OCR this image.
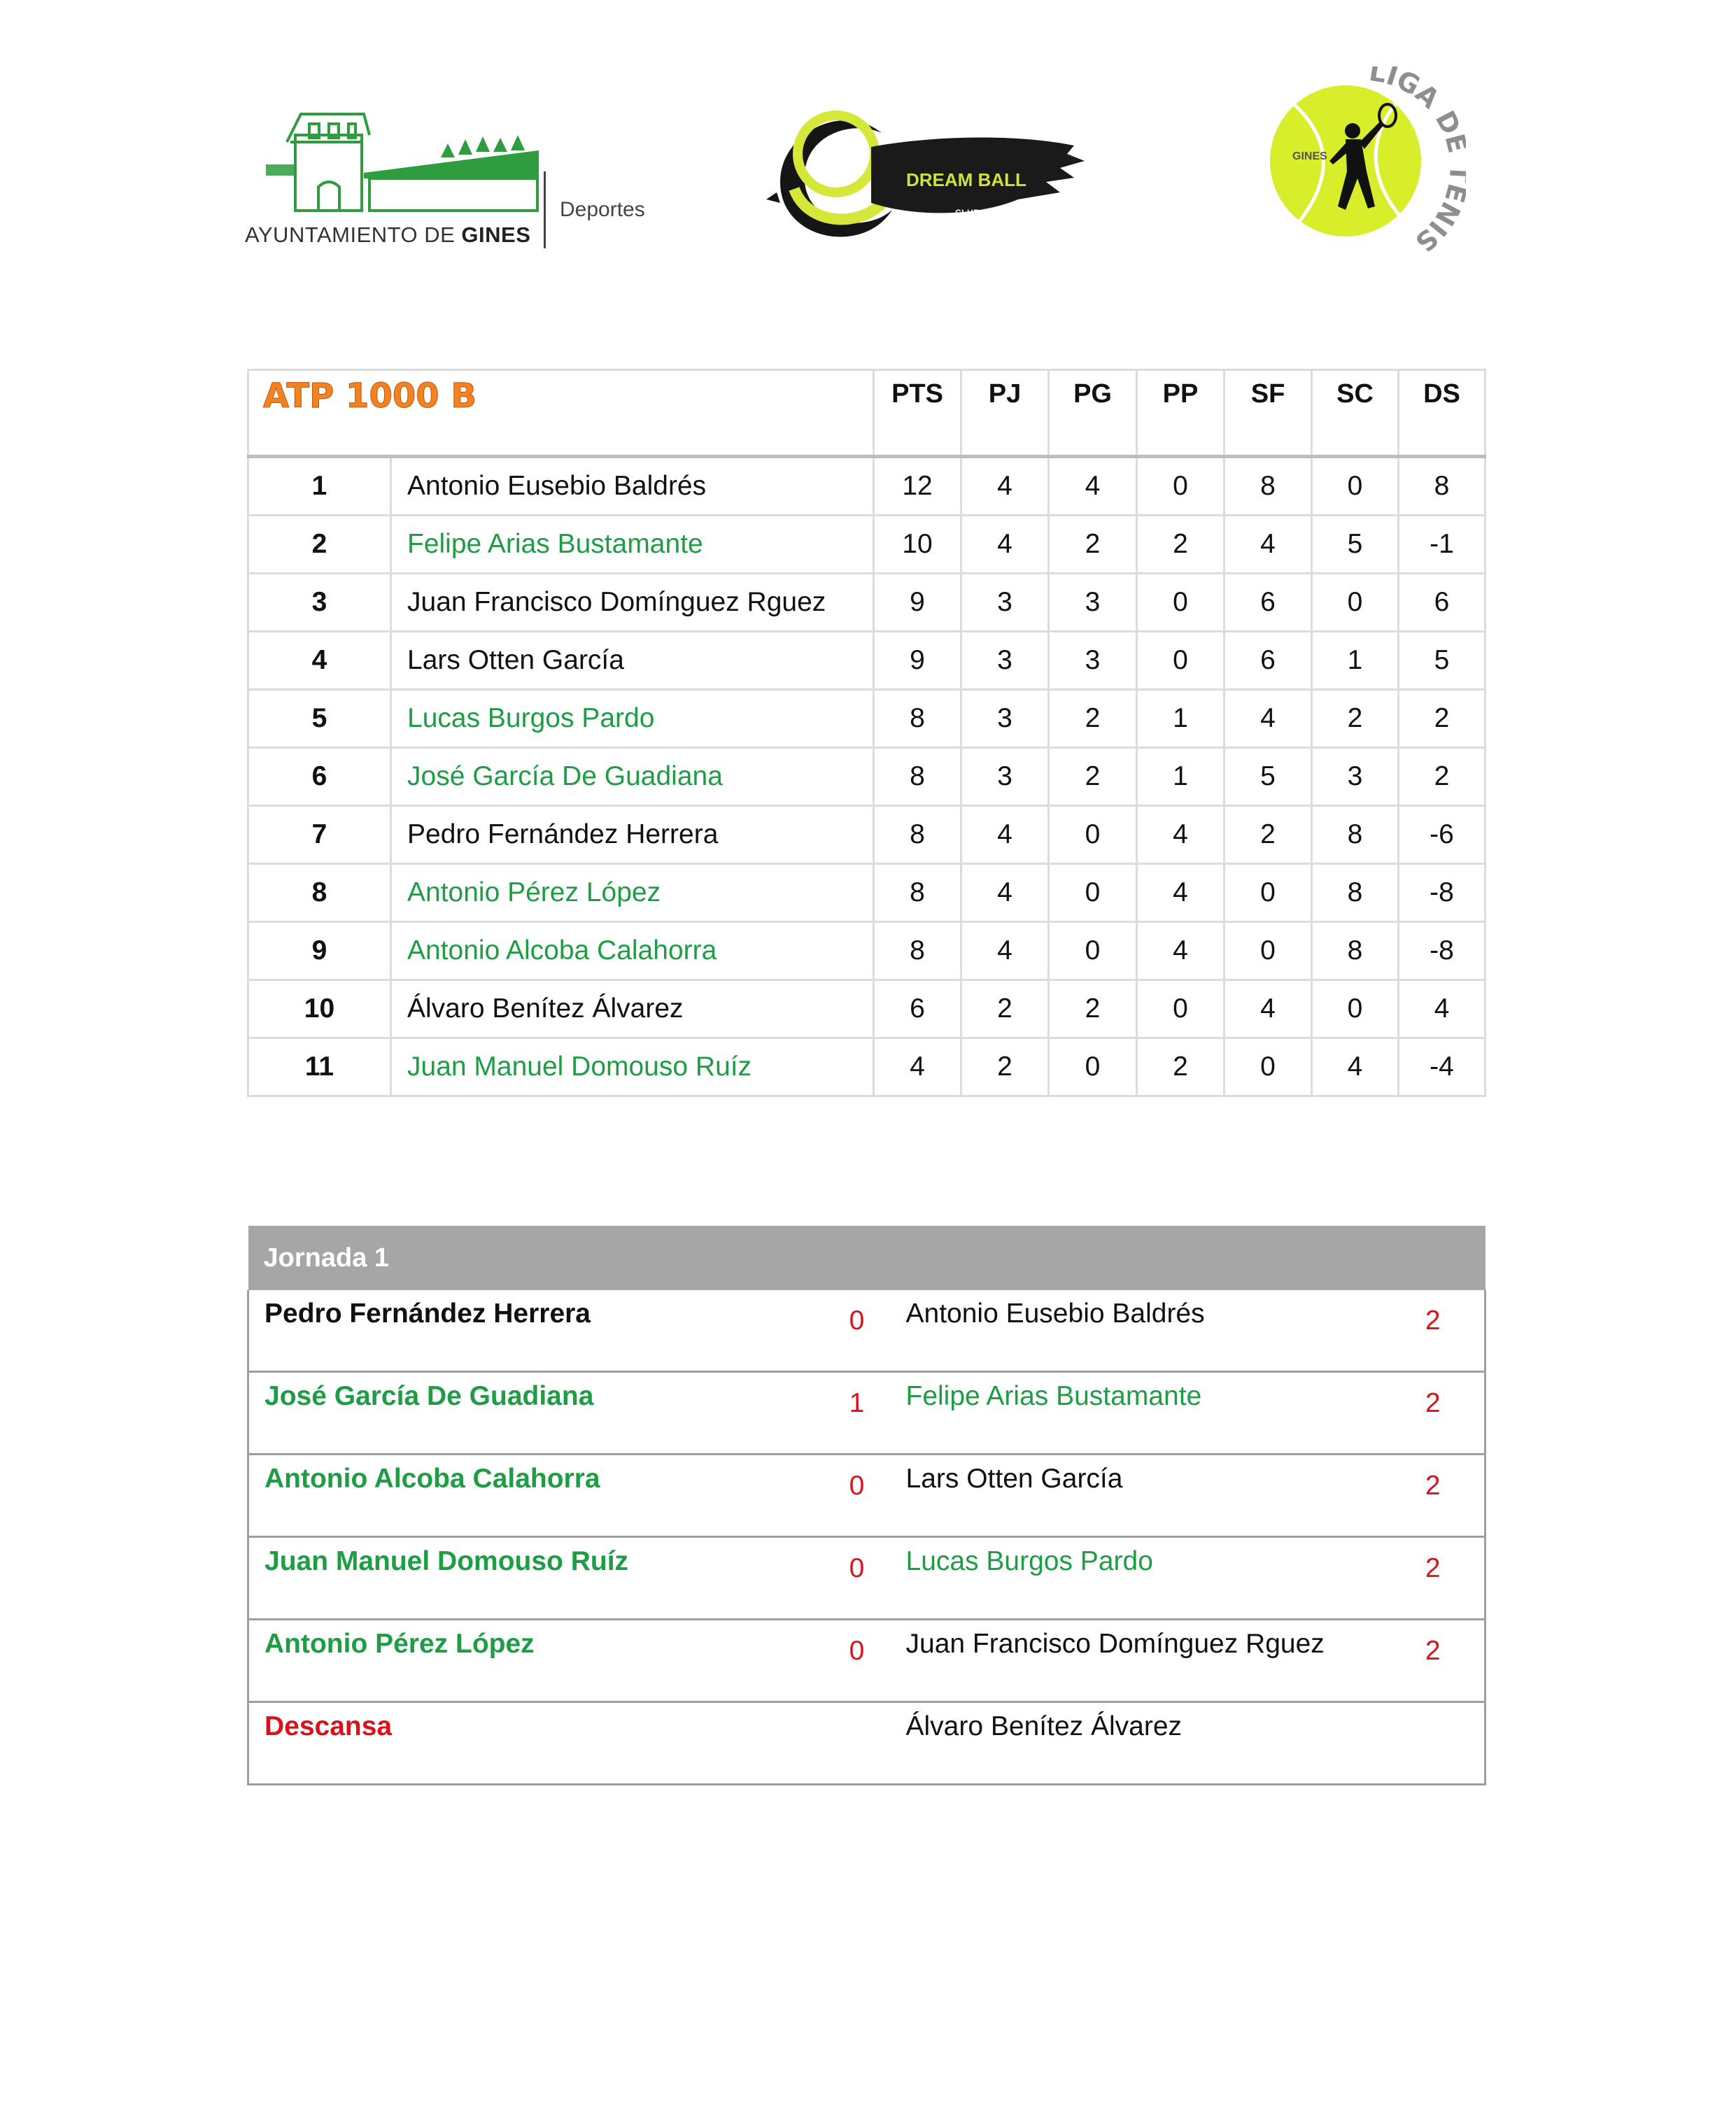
AYUNTAMIENTO DE GINES
Deportes
DREAM BALL
CLUB TENIS GINES
LIGA D NIS
GINES
ATP 1000 B		PTS	PJ	PG	PP	SF	SC	DS
1	Antonio Eusebio Baldrés	12	4	4	0	8	0	8
2	Felipe Arias Bustamante	10	4	2	2	4	5	-1
3	Juan Francisco Domínguez Rguez	9	3	3	0	6	0	6
4	Lars Otten García	9	3	3	0	6	1	5
5	Lucas Burgos Pardo	8	3	2	1	4	2	2
6	José García De Guadiana	8	3	2	1	5	3	2
7	Pedro Fernández Herrera	8	4	0	4	2	8	-6
8	Antonio Pérez López	8	4	0	4	0	8	-8
9	Antonio Alcoba Calahorra	8	4	0	4	0	8	-8
10	Álvaro Benítez Álvarez	6	2	2	0	4	0	4
11	Juan Manuel Domouso Ruíz	4	2	0	2	0	4	-4
Jornada 1			
Pedro Fernández Herrera	0	Antonio Eusebio Baldrés	2
José García De Guadiana	1	Felipe Arias Bustamante	2
Antonio Alcoba Calahorra	0	Lars Otten García	2
Juan Manuel Domouso Ruíz	0	Lucas Burgos Pardo	2
Antonio Pérez López	0	Juan Francisco Domínguez Rguez	2
Descansa		Álvaro Benítez Álvarez	
